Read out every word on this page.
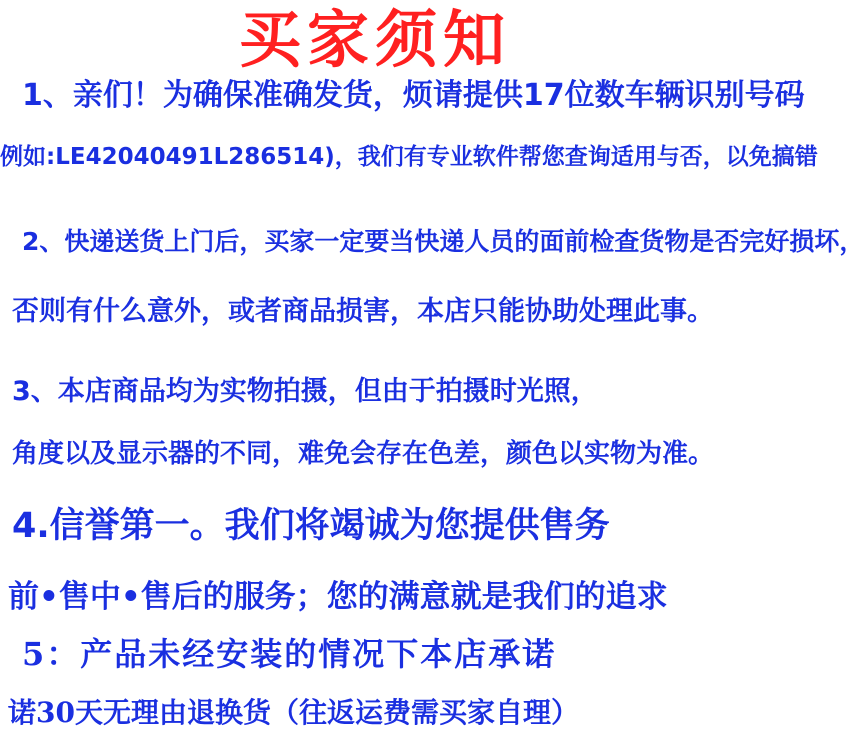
买家须知
1、亲们！为确保准确发货，烦请提供17位数车辆识别号码
例如:LE42040491L286514)，我们有专业软件帮您查询适用与否，以免搞错
2、快递送货上门后，买家一定要当快递人员的面前检查货物是否完好损坏，
否则有什么意外，或者商品损害，本店只能协助处理此事。
3、本店商品均为实物拍摄，但由于拍摄时光照，
角度以及显示器的不同，难免会存在色差，颜色以实物为准。
4.信誉第一。我们将竭诚为您提供售务
前•售中•售后的服务；您的满意就是我们的追求
5：产品未经安装的情况下本店承诺
诺30天无理由退换货（往返运费需买家自理）
